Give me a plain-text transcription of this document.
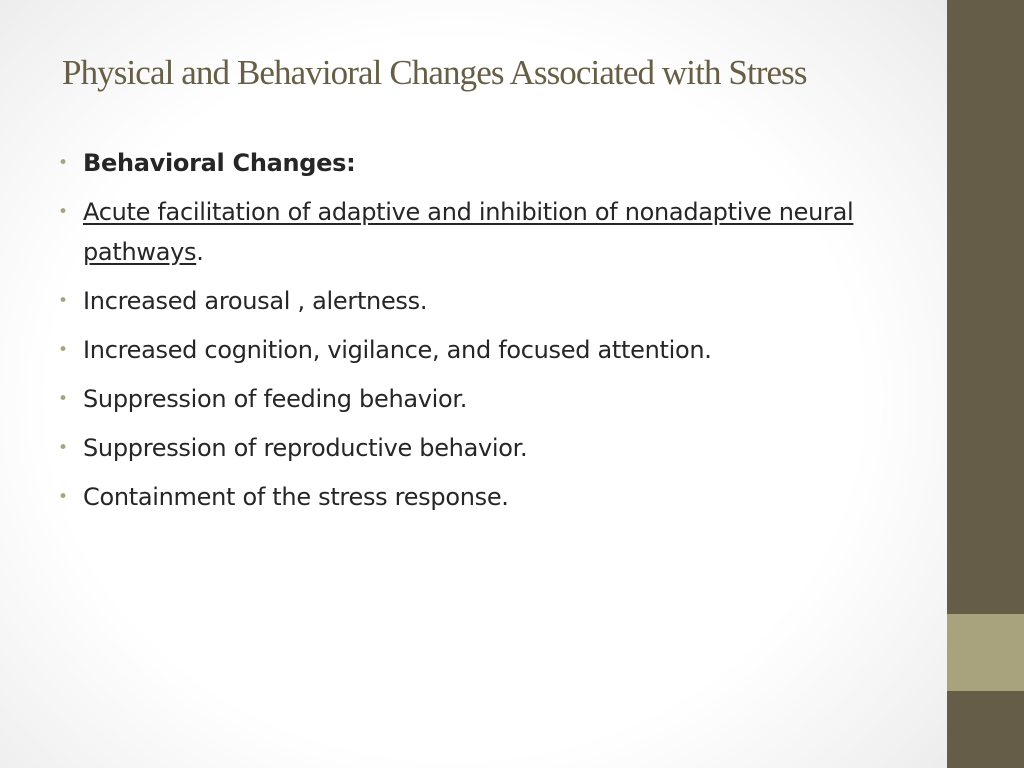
Physical and Behavioral Changes Associated with Stress
• Behavioral Changes:
• Acute facilitation of adaptive and inhibition of nonadaptive neural pathways.
• Increased arousal , alertness.
• Increased cognition, vigilance, and focused attention.
• Suppression of feeding behavior.
• Suppression of reproductive behavior.
• Containment of the stress response.
